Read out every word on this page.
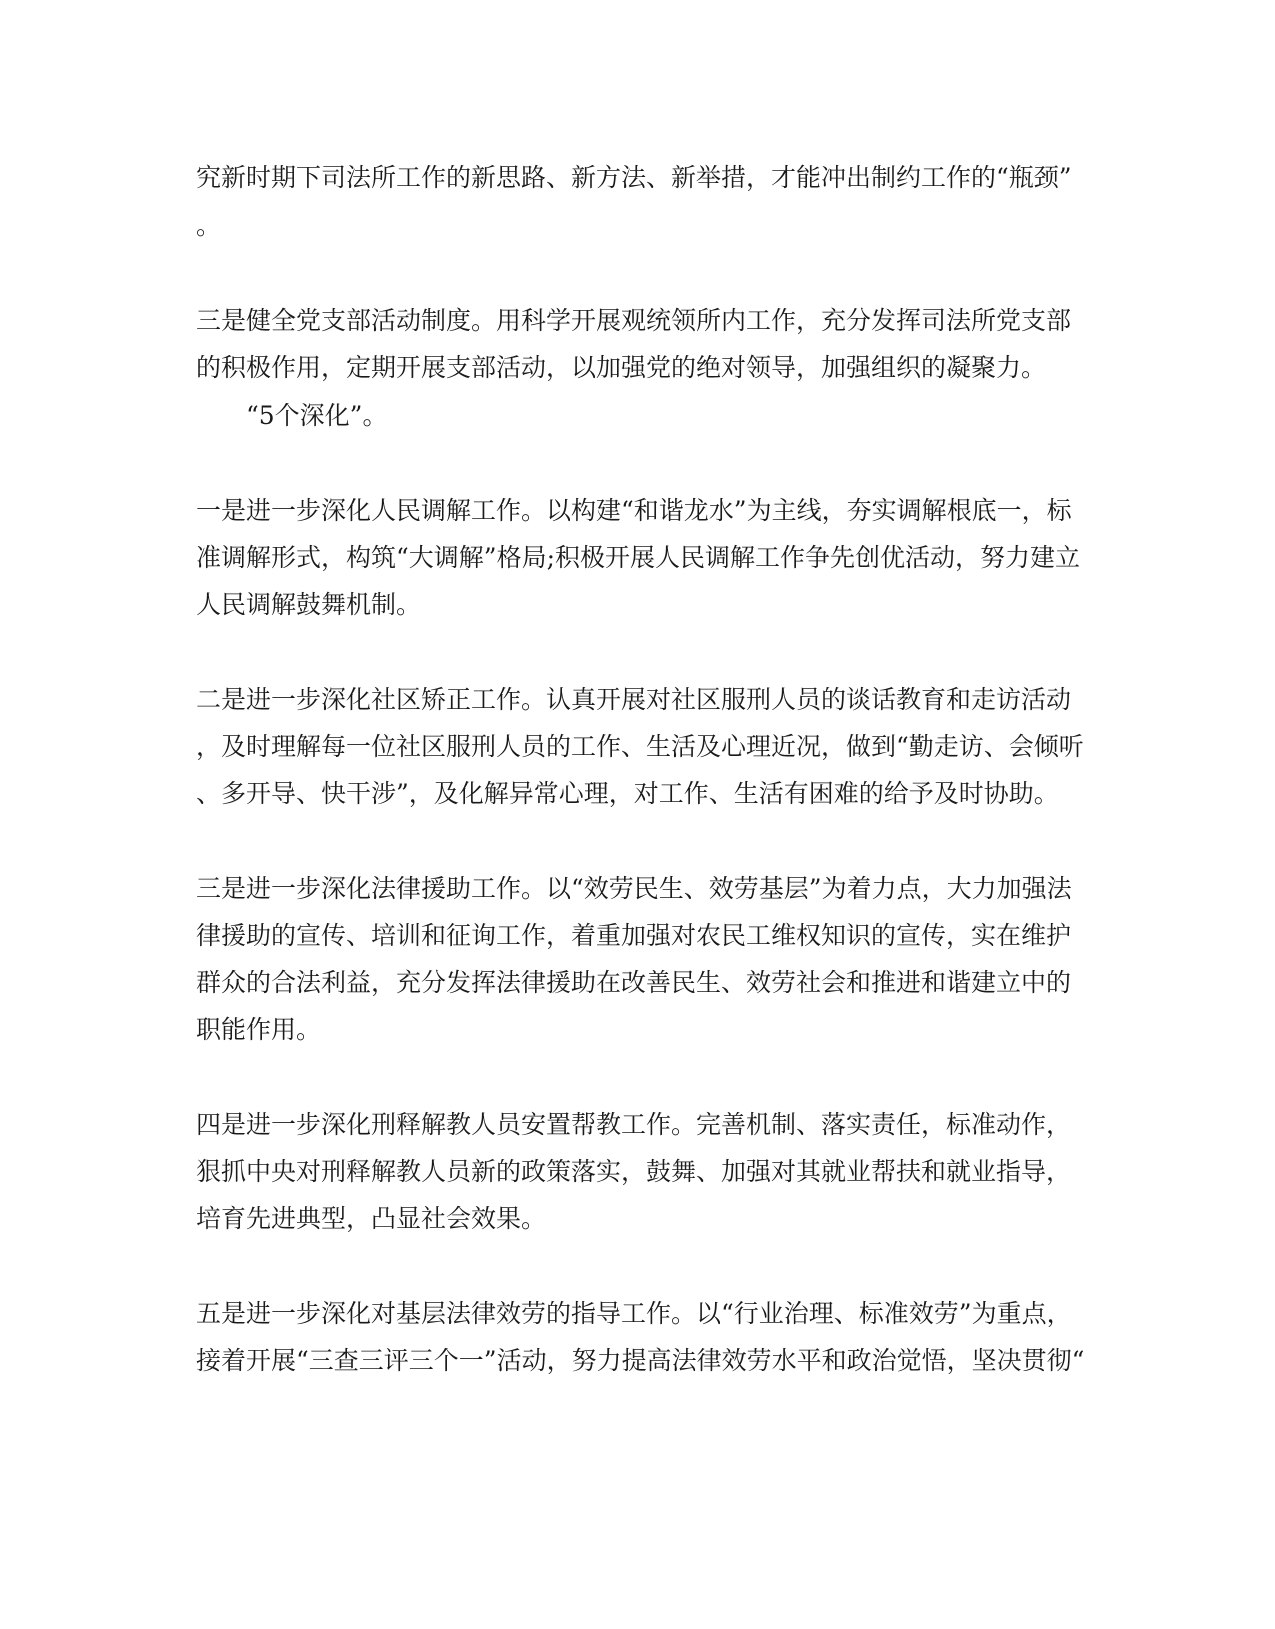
究新时期下司法所工作的新思路、新方法、新举措，才能冲出制约工作的“瓶颈”
。
三是健全党支部活动制度。用科学开展观统领所内工作，充分发挥司法所党支部
的积极作用，定期开展支部活动，以加强党的绝对领导，加强组织的凝聚力。
　　“5个深化”。
一是进一步深化人民调解工作。以构建“和谐龙水”为主线，夯实调解根底一，标
准调解形式，构筑“大调解”格局;积极开展人民调解工作争先创优活动，努力建立
人民调解鼓舞机制。
二是进一步深化社区矫正工作。认真开展对社区服刑人员的谈话教育和走访活动
，及时理解每一位社区服刑人员的工作、生活及心理近况，做到“勤走访、会倾听
、多开导、快干涉”，及化解异常心理，对工作、生活有困难的给予及时协助。
三是进一步深化法律援助工作。以“效劳民生、效劳基层”为着力点，大力加强法
律援助的宣传、培训和征询工作，着重加强对农民工维权知识的宣传，实在维护
群众的合法利益，充分发挥法律援助在改善民生、效劳社会和推进和谐建立中的
职能作用。
四是进一步深化刑释解教人员安置帮教工作。完善机制、落实责任，标准动作，
狠抓中央对刑释解教人员新的政策落实，鼓舞、加强对其就业帮扶和就业指导，
培育先进典型，凸显社会效果。
五是进一步深化对基层法律效劳的指导工作。以“行业治理、标准效劳”为重点，
接着开展“三查三评三个一”活动，努力提高法律效劳水平和政治觉悟，坚决贯彻“
